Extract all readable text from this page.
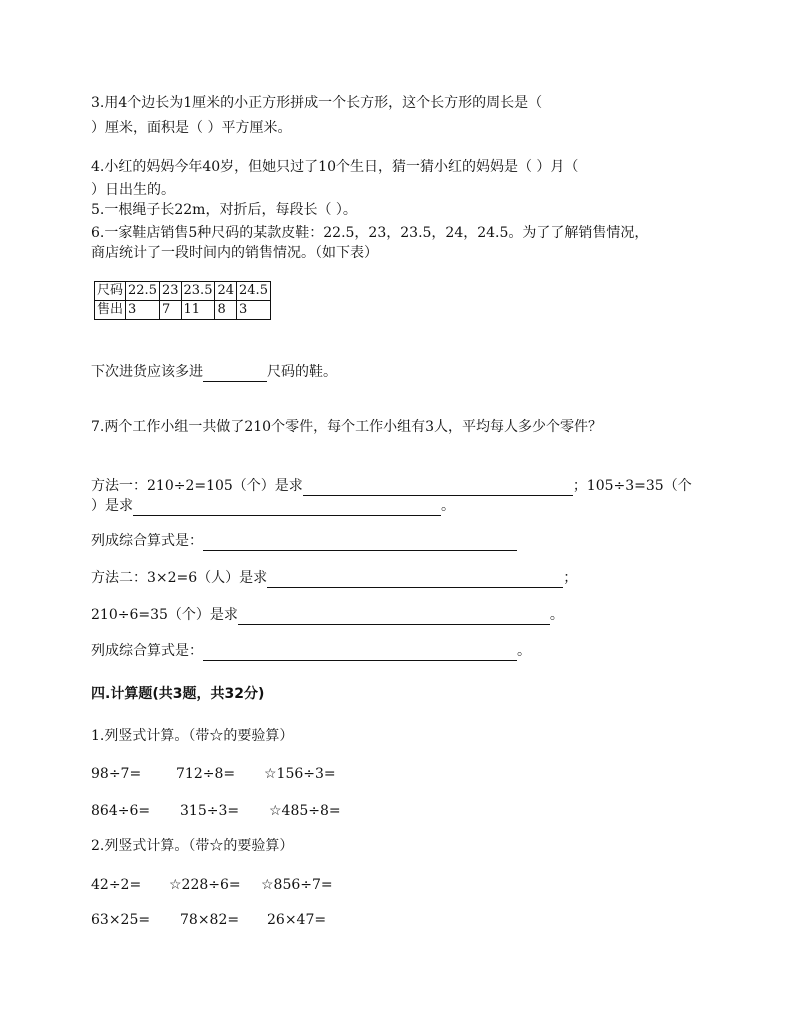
3.用4个边长为1厘米的小正方形拼成一个长方形，这个长方形的周长是（
）厘米，面积是（ ）平方厘米。
4.小红的妈妈今年40岁，但她只过了10个生日，猜一猜小红的妈妈是（ ）月（
）日出生的。
5.一根绳子长22m，对折后，每段长（ ）。
6.一家鞋店销售5种尺码的某款皮鞋：22.5，23，23.5，24，24.5。为了了解销售情况，
商店统计了一段时间内的销售情况。（如下表）
尺码	22.5	23	23.5	24	24.5
售出	3	7	11	8	3
下次进货应该多进	尺码的鞋。
7.两个工作小组一共做了210个零件，每个工作小组有3人，平均每人多少个零件？
方法一：210÷2=105（个）是求	；105÷3=35（个
）是求	。
列成综合算式是：
方法二：3×2=6（人）是求	；
210÷6=35（个）是求	。
列成综合算式是：	。
四.计算题(共3题，共32分)
1.列竖式计算。（带☆的要验算）
98÷7= 712÷8= ☆156÷3=
864÷6= 315÷3= ☆485÷8=
2.列竖式计算。（带☆的要验算）
42÷2= ☆228÷6= ☆856÷7=
63×25= 78×82= 26×47=
